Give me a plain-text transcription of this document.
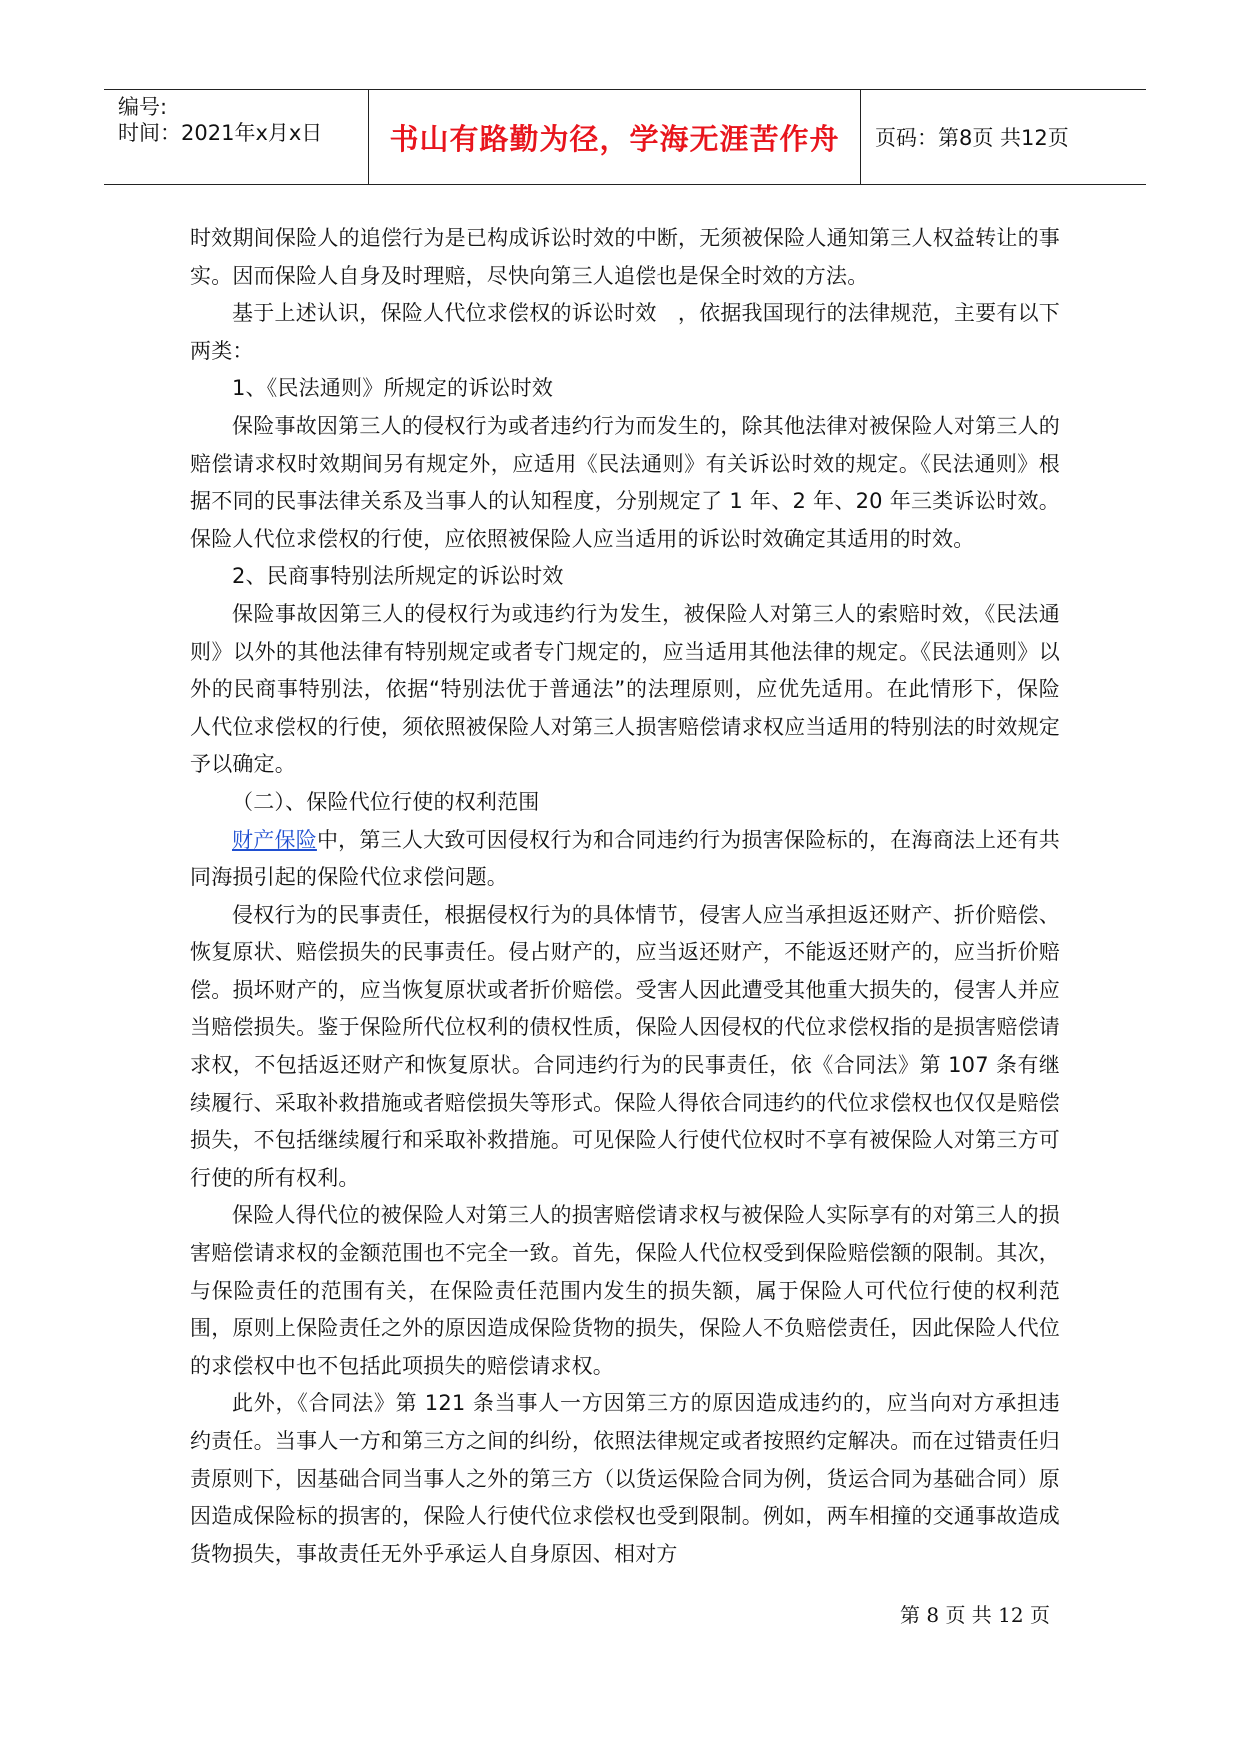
编号:
时间：2021年x月x日 书山有路勤为径，学海无涯苦作舟	页码：第8页 共12页

时效期间保险人的追偿行为是已构成诉讼时效的中断，无须被保险人通知第三人权益转让的事实。因而保险人自身及时理赔，尽快向第三人追偿也是保全时效的方法。

基于上述认识，保险人代位求偿权的诉讼时效　，依据我国现行的法律规范，主要有以下两类：

1、《民法通则》所规定的诉讼时效

保险事故因第三人的侵权行为或者违约行为而发生的，除其他法律对被保险人对第三人的赔偿请求权时效期间另有规定外，应适用《民法通则》有关诉讼时效的规定。《民法通则》根据不同的民事法律关系及当事人的认知程度，分别规定了 1 年、2 年、20 年三类诉讼时效。保险人代位求偿权的行使，应依照被保险人应当适用的诉讼时效确定其适用的时效。

2、民商事特别法所规定的诉讼时效

保险事故因第三人的侵权行为或违约行为发生，被保险人对第三人的索赔时效，《民法通则》以外的其他法律有特别规定或者专门规定的，应当适用其他法律的规定。《民法通则》以外的民商事特别法，依据“特别法优于普通法”的法理原则，应优先适用。在此情形下，保险人代位求偿权的行使，须依照被保险人对第三人损害赔偿请求权应当适用的特别法的时效规定予以确定。

（二）、保险代位行使的权利范围

财产保险中，第三人大致可因侵权行为和合同违约行为损害保险标的，在海商法上还有共同海损引起的保险代位求偿问题。

侵权行为的民事责任，根据侵权行为的具体情节，侵害人应当承担返还财产、折价赔偿、恢复原状、赔偿损失的民事责任。侵占财产的，应当返还财产，不能返还财产的，应当折价赔偿。损坏财产的，应当恢复原状或者折价赔偿。受害人因此遭受其他重大损失的，侵害人并应当赔偿损失。鉴于保险所代位权利的债权性质，保险人因侵权的代位求偿权指的是损害赔偿请求权，不包括返还财产和恢复原状。合同违约行为的民事责任，依《合同法》第 107 条有继续履行、采取补救措施或者赔偿损失等形式。保险人得依合同违约的代位求偿权也仅仅是赔偿损失，不包括继续履行和采取补救措施。可见保险人行使代位权时不享有被保险人对第三方可行使的所有权利。

保险人得代位的被保险人对第三人的损害赔偿请求权与被保险人实际享有的对第三人的损害赔偿请求权的金额范围也不完全一致。首先，保险人代位权受到保险赔偿额的限制。其次，与保险责任的范围有关，在保险责任范围内发生的损失额，属于保险人可代位行使的权利范围，原则上保险责任之外的原因造成保险货物的损失，保险人不负赔偿责任，因此保险人代位的求偿权中也不包括此项损失的赔偿请求权。

此外，《合同法》第 121 条当事人一方因第三方的原因造成违约的，应当向对方承担违约责任。当事人一方和第三方之间的纠纷，依照法律规定或者按照约定解决。而在过错责任归责原则下，因基础合同当事人之外的第三方（以货运保险合同为例，货运合同为基础合同）原因造成保险标的损害的，保险人行使代位求偿权也受到限制。例如，两车相撞的交通事故造成货物损失，事故责任无外乎承运人自身原因、相对方

第 8 页 共 12 页
